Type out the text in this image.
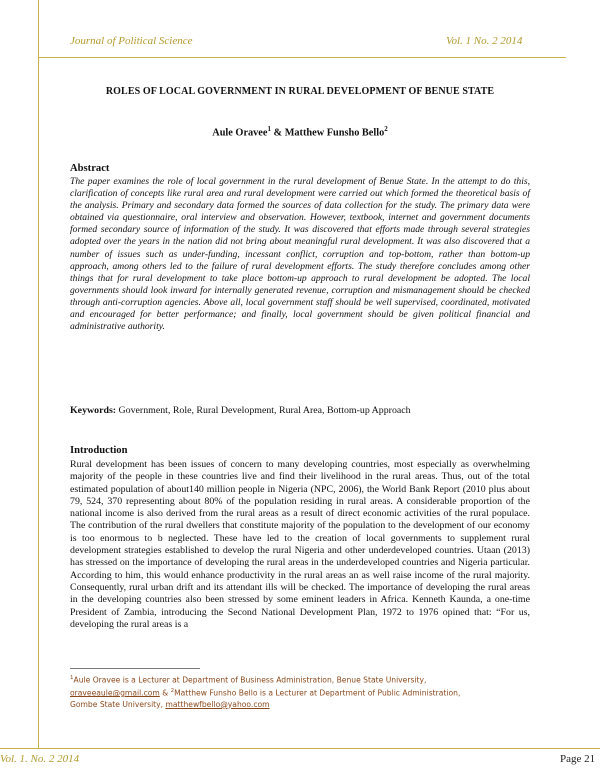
Journal of Political Science	Vol. 1 No. 2 2014
ROLES OF LOCAL GOVERNMENT IN RURAL DEVELOPMENT OF BENUE STATE
Aule Oravee$^1$ & Matthew Funsho Bello$^2$
Abstract

The paper examines the role of local government in the rural development of Benue State. In the attempt to do this, clarification of concepts like rural area and rural development were carried out which formed the theoretical basis of the analysis. Primary and secondary data formed the sources of data collection for the study. The primary data were obtained via questionnaire, oral interview and observation. However, textbook, internet and government documents formed secondary source of information of the study. It was discovered that efforts made through several strategies adopted over the years in the nation did not bring about meaningful rural development. It was also discovered that a number of issues such as under-funding, incessant conflict, corruption and top-bottom, rather than bottom-up approach, among others led to the failure of rural development efforts. The study therefore concludes among other things that for rural development to take place bottom-up approach to rural development be adopted. The local governments should look inward for internally generated revenue, corruption and mismanagement should be checked through anti-corruption agencies. Above all, local government staff should be well supervised, coordinated, motivated and encouraged for better performance; and finally, local government should be given political financial and administrative authority.

Keywords: Government, Role, Rural Development, Rural Area, Bottom-up Approach
Introduction

Rural development has been issues of concern to many developing countries, most especially as overwhelming majority of the people in these countries live and find their livelihood in the rural areas. Thus, out of the total estimated population of about140 million people in Nigeria (NPC, 2006), the World Bank Report (2010 plus about 79, 524, 370 representing about 80% of the population residing in rural areas. A considerable proportion of the national income is also derived from the rural areas as a result of direct economic activities of the rural populace. The contribution of the rural dwellers that constitute majority of the population to the development of our economy is too enormous to b neglected. These have led to the creation of local governments to supplement rural development strategies established to develop the rural Nigeria and other underdeveloped countries. Utaan (2013) has stressed on the importance of developing the rural areas in the underdeveloped countries and Nigeria particular. According to him, this would enhance productivity in the rural areas an as well raise income of the rural majority. Consequently, rural urban drift and its attendant ills will be checked. The importance of developing the rural areas in the developing countries also been stressed by some eminent leaders in Africa. Kenneth Kaunda, a one-time President of Zambia, introducing the Second National Development Plan, 1972 to 1976 opined that: “For us, developing the rural areas is a

$^1$Aule Oravee is a Lecturer at Department of Business Administration, Benue State University,
oraveeaule@gmail.com & $^2$Matthew Funsho Bello is a Lecturer at Department of Public Administration,
Gombe State University, matthewfbello@yahoo.com
Vol. 1. No. 2 2014	Page 21
